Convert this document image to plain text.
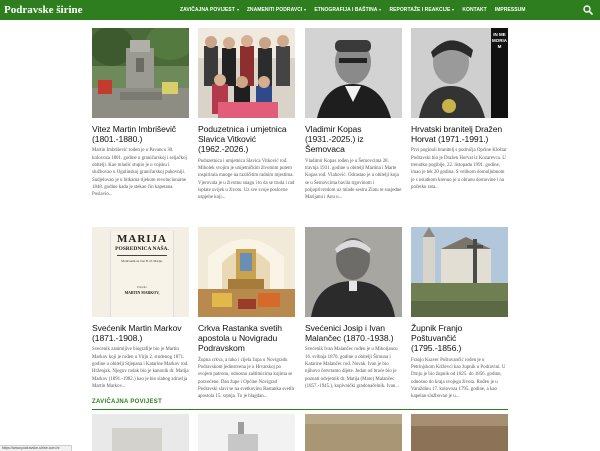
Podravske širine	ZAVIČAJNA POVIJEST ZNAMENITI PODRAVCI ETNOGRAFIJA I BAŠTINA REPORTAŽE I REAKCIJE KONTAKT IMPRESSUM
Vitez Martin Imbriševič (1801.-1880.)
Martin Imbrišević rođen je u Pavancu 30. kolovoza 1801. godine u graničarskoj i seljačkoj obitelji. Kao mladić stupio je u vojsku i službovao u Ogulinskoj graničarskoj pukovniji. Sudjelovao je u bitkama tijekom revolucionarne 1848. godine kada je stekao čin kapetana. Poslavio...
Poduzetnica i umjetnica Slavica Vitković (1962.-2026.)
Poduzetnica i umjetnica Slavica Vitković rođ. Miholek svojim je umjetničkim životnim putem inspirirala mnoge na različitim radnim mjestima. Vjerovala je u životnu snagu i to da se truda i rad isplate uvijek u životu. Uz sve svoje poslovne uspjehe koji...
Vladimir Kopas (1931.-2025.) iz Šemovaca
Vladimir Kopas rođen je u Šemovcima 28. travnja 1931. godine u obitelji Martina i Marte Kopas rođ. Vlahović. Odrastao je u obitelji koja se u Šemovcima bavila trgovinom i poljoprivredom uz mlade sestru Zlatu te susjedne Marijanu i Anu u...
IN MEMORIAM
Hrvatski branitelj Dražen Horvat (1971.-1991.)
Prvi poginuli branitelj s područja Općine Kloštar Podravski bio je Dražen Horvat iz Kozarevca. U trenutku pogibije, 22. listopada 1991. godine, imao je tek 20 godina. S velikom domoljubnom je s ostatkom krenuo je u obranu domovine i na početku rata...
MARIJA
POSREDNICA NAŠA.
Molitvenik na čast B. D. Marije.
Priredio
MARTIN MARKOV,
Svećenik Martin Markov (1871.-1908.)
Svećenik zanimljive biografije bio je Martin Markov koji je rođen u Virju 2. studenog 1871. godine u obitelji Stjepana i Katarine Markov rođ. Hrženjak. Njegov rodak bio je kanonik dr. Matija Markov (1891.-1982.) kao je bio slabog zdravlja Martin Markov...
Crkva Rastanka svetih apostola u Novigradu Podravskom
Župna crkva, a tako i cijela župa u Novigradu Podravskom jedinstvena je u Hrvatskoj po svojem patronu, odnosno zaštitnicima kojima se posvećene. Dan župe i Općine Novigrad Podravski slavi se na svetkovinu Rastanka svetih apostola 15. srpnja. To je blagdan...
Svećenici Josip i Ivan Malančec (1870.-1938.)
Svećenik Ivan Malančec rođen je u Miholjancu 16. svibnja 1870. godine u obitelji Šimuna i Katarine Malančec rođ. Novak. Ivan je bio njihovo četvrtamo dijete. Jedan od braće bio je poznati odvjetnik dr. Matija (Mato) Malančec (1857.-1945.), kopivnički gradonačelnik. Ivan...
Župnik Franjo Poštuvančić (1795.-1856.)
Franjo Ksaver Poštuvančić rođen je u Petrinjskom Križevci kao župnik u Podravini. U Drnju je bio župnik od 1825. do 1856. godine, odnosno do kraja svojega života. Rođen je u Varaždinu 17. kolovoza 1795. godine, a kao kapelan službovao je u...
ZAVIČAJNA POVIJEST
https://www.podravske-sirine.com.hr
